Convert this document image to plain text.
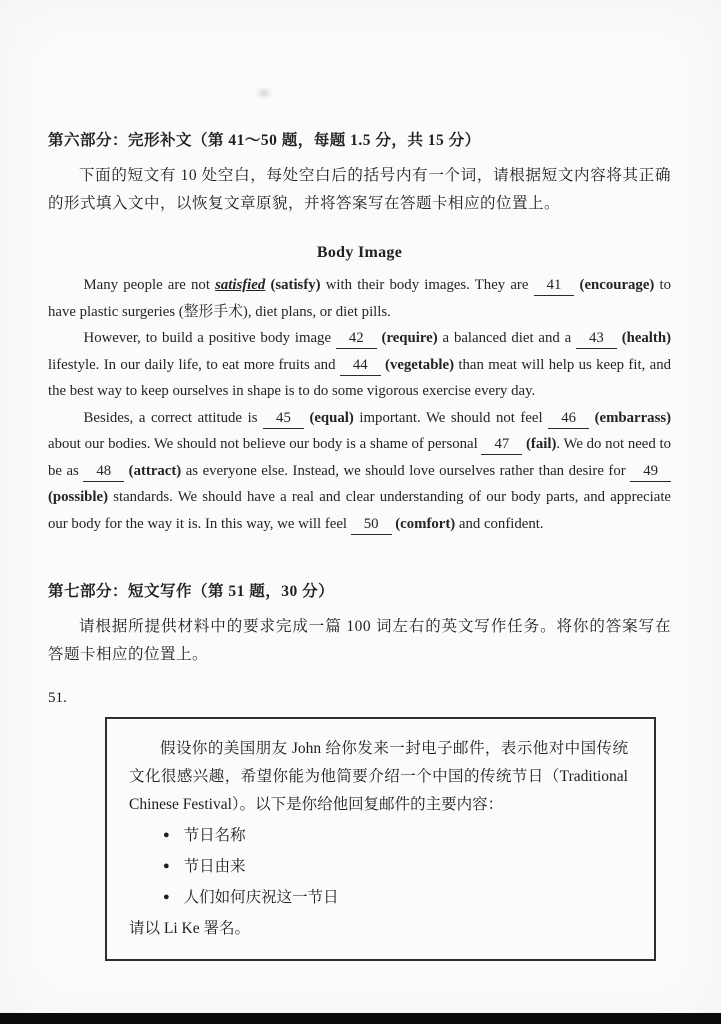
第六部分：完形补文（第 41～50 题，每题 1.5 分，共 15 分）

下面的短文有 10 处空白，每处空白后的括号内有一个词，请根据短文内容将其正确的形式填入文中，以恢复文章原貌，并将答案写在答题卡相应的位置上。

Body Image

Many people are not satisfied (satisfy) with their body images. They are 41 (encourage) to have plastic surgeries (整形手术), diet plans, or diet pills.

However, to build a positive body image 42 (require) a balanced diet and a 43 (health) lifestyle. In our daily life, to eat more fruits and 44 (vegetable) than meat will help us keep fit, and the best way to keep ourselves in shape is to do some vigorous exercise every day.

Besides, a correct attitude is 45 (equal) important. We should not feel 46 (embarrass) about our bodies. We should not believe our body is a shame of personal 47 (fail). We do not need to be as 48 (attract) as everyone else. Instead, we should love ourselves rather than desire for 49 (possible) standards. We should have a real and clear understanding of our body parts, and appreciate our body for the way it is. In this way, we will feel 50 (comfort) and confident.

第七部分：短文写作（第 51 题，30 分）

请根据所提供材料中的要求完成一篇 100 词左右的英文写作任务。将你的答案写在答题卡相应的位置上。

51.

假设你的美国朋友 John 给你发来一封电子邮件，表示他对中国传统文化很感兴趣，希望你能为他简要介绍一个中国的传统节日（Traditional Chinese Festival）。以下是你给他回复邮件的主要内容：

● 节日名称
● 节日由来
● 人们如何庆祝这一节日
请以 Li Ke 署名。
